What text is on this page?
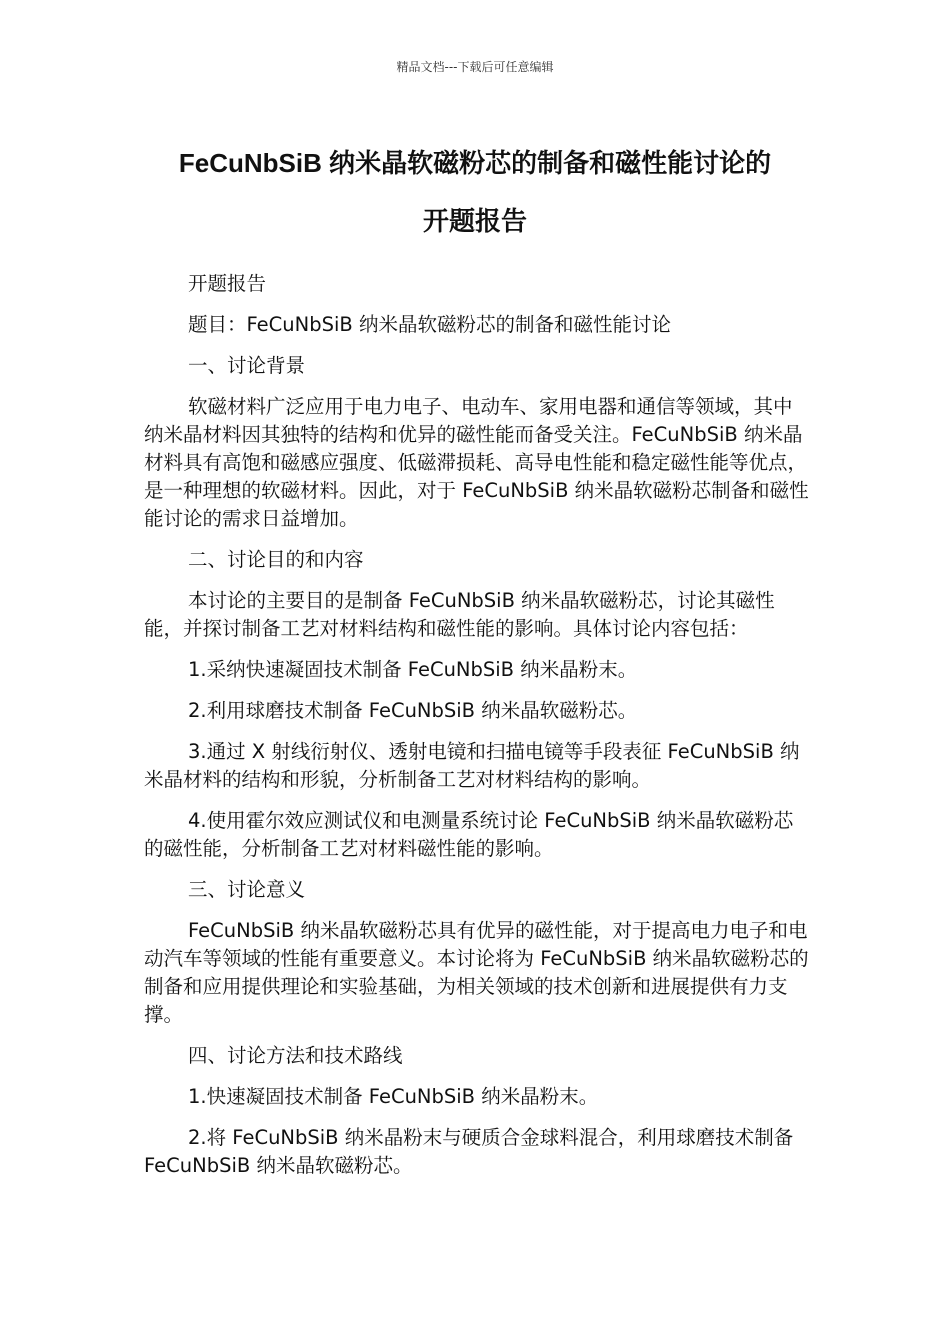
精品文档---下载后可任意编辑
FeCuNbSiB 纳米晶软磁粉芯的制备和磁性能讨论的
开题报告

开题报告

题目：FeCuNbSiB 纳米晶软磁粉芯的制备和磁性能讨论

一、讨论背景

软磁材料广泛应用于电力电子、电动车、家用电器和通信等领域，其中纳米晶材料因其独特的结构和优异的磁性能而备受关注。FeCuNbSiB 纳米晶材料具有高饱和磁感应强度、低磁滞损耗、高导电性能和稳定磁性能等优点，是一种理想的软磁材料。因此，对于 FeCuNbSiB 纳米晶软磁粉芯制备和磁性能讨论的需求日益增加。

二、讨论目的和内容

本讨论的主要目的是制备 FeCuNbSiB 纳米晶软磁粉芯，讨论其磁性能，并探讨制备工艺对材料结构和磁性能的影响。具体讨论内容包括：

1.采纳快速凝固技术制备 FeCuNbSiB 纳米晶粉末。

2.利用球磨技术制备 FeCuNbSiB 纳米晶软磁粉芯。

3.通过 X 射线衍射仪、透射电镜和扫描电镜等手段表征 FeCuNbSiB 纳米晶材料的结构和形貌，分析制备工艺对材料结构的影响。

4.使用霍尔效应测试仪和电测量系统讨论 FeCuNbSiB 纳米晶软磁粉芯的磁性能，分析制备工艺对材料磁性能的影响。

三、讨论意义

FeCuNbSiB 纳米晶软磁粉芯具有优异的磁性能，对于提高电力电子和电动汽车等领域的性能有重要意义。本讨论将为 FeCuNbSiB 纳米晶软磁粉芯的制备和应用提供理论和实验基础，为相关领域的技术创新和进展提供有力支撑。

四、讨论方法和技术路线

1.快速凝固技术制备 FeCuNbSiB 纳米晶粉末。

2.将 FeCuNbSiB 纳米晶粉末与硬质合金球料混合，利用球磨技术制备 FeCuNbSiB 纳米晶软磁粉芯。
